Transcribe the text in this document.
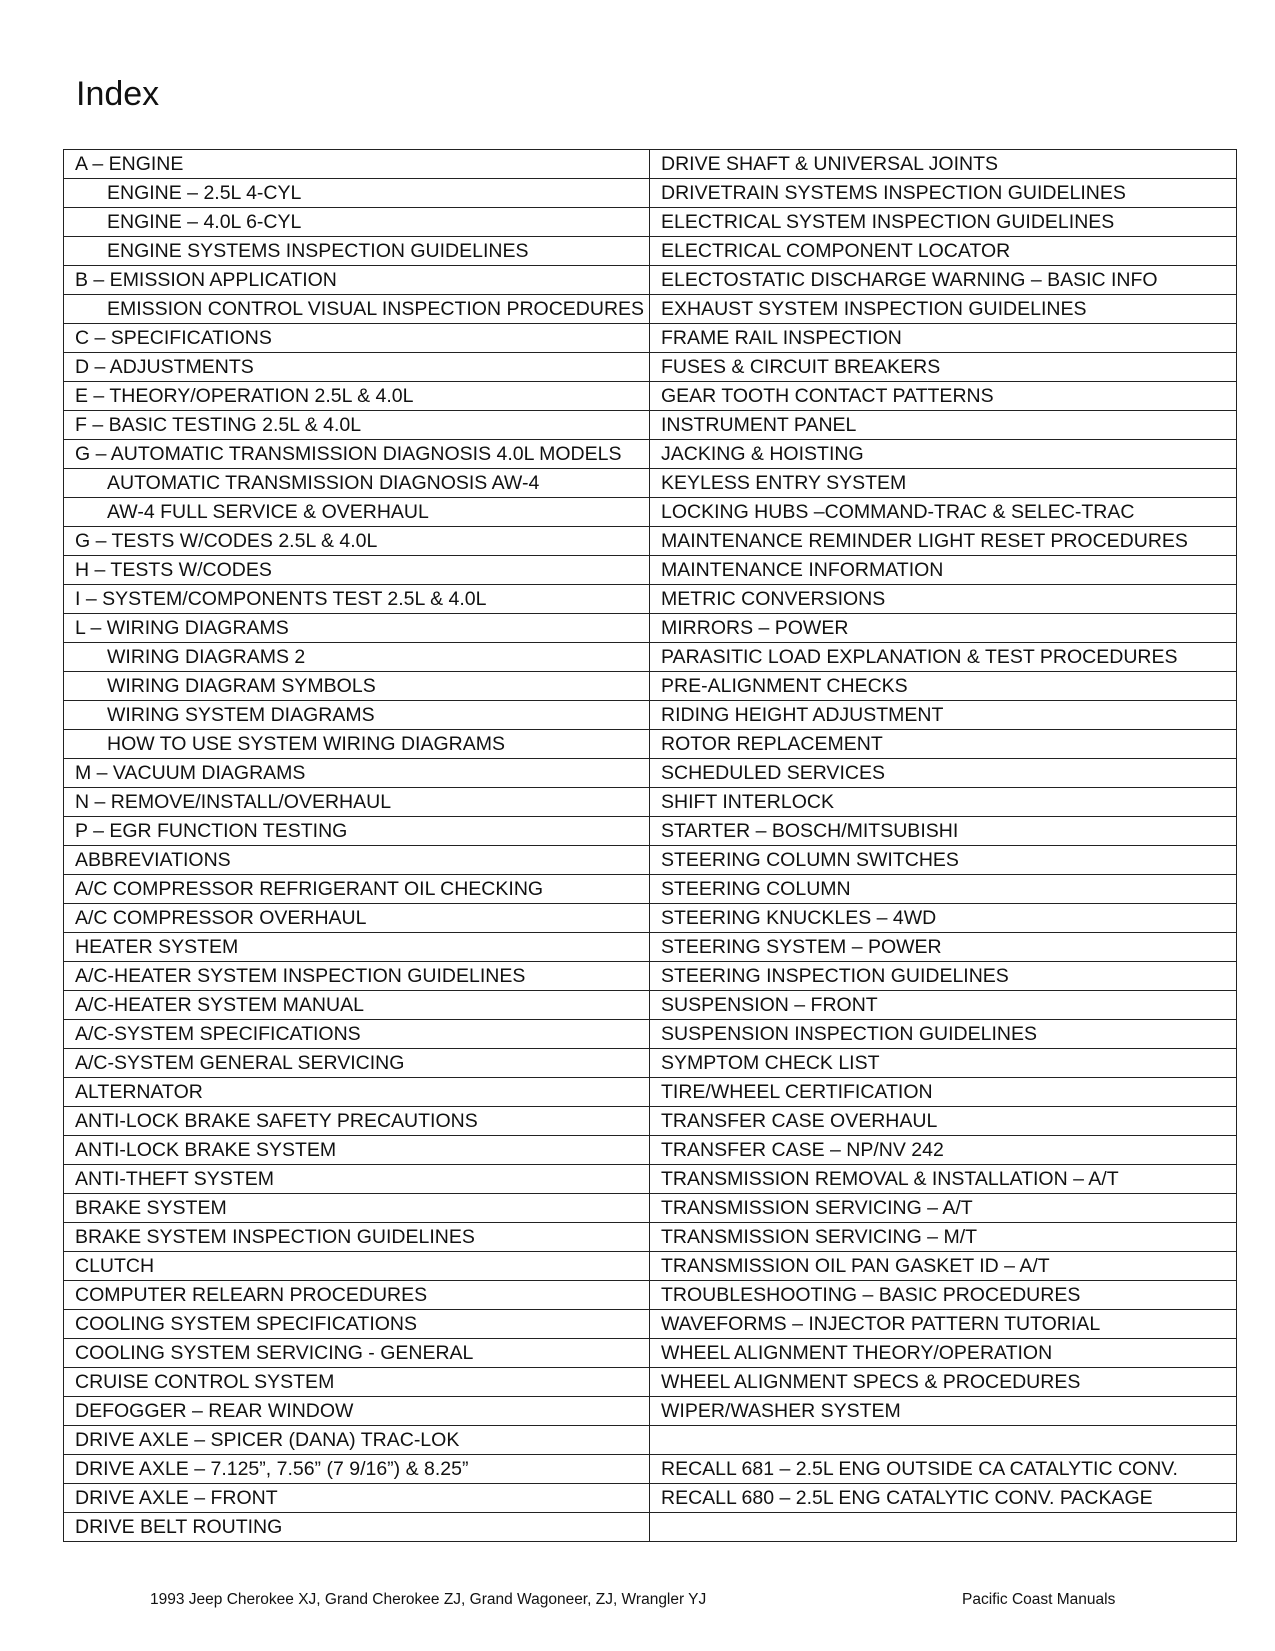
Index
A – ENGINE	DRIVE SHAFT & UNIVERSAL JOINTS
ENGINE – 2.5L 4-CYL	DRIVETRAIN SYSTEMS INSPECTION GUIDELINES
ENGINE – 4.0L 6-CYL	ELECTRICAL SYSTEM INSPECTION GUIDELINES
ENGINE SYSTEMS INSPECTION GUIDELINES	ELECTRICAL COMPONENT LOCATOR
B – EMISSION APPLICATION	ELECTOSTATIC DISCHARGE WARNING – BASIC INFO
EMISSION CONTROL VISUAL INSPECTION PROCEDURES	EXHAUST SYSTEM INSPECTION GUIDELINES
C – SPECIFICATIONS	FRAME RAIL INSPECTION
D – ADJUSTMENTS	FUSES & CIRCUIT BREAKERS
E – THEORY/OPERATION 2.5L & 4.0L	GEAR TOOTH CONTACT PATTERNS
F – BASIC TESTING 2.5L & 4.0L	INSTRUMENT PANEL
G – AUTOMATIC TRANSMISSION DIAGNOSIS 4.0L MODELS	JACKING & HOISTING
AUTOMATIC TRANSMISSION DIAGNOSIS AW-4	KEYLESS ENTRY SYSTEM
AW-4 FULL SERVICE & OVERHAUL	LOCKING HUBS –COMMAND-TRAC & SELEC-TRAC
G – TESTS W/CODES 2.5L & 4.0L	MAINTENANCE REMINDER LIGHT RESET PROCEDURES
H – TESTS W/CODES	MAINTENANCE INFORMATION
I – SYSTEM/COMPONENTS TEST 2.5L & 4.0L	METRIC CONVERSIONS
L – WIRING DIAGRAMS	MIRRORS – POWER
WIRING DIAGRAMS 2	PARASITIC LOAD EXPLANATION & TEST PROCEDURES
WIRING DIAGRAM SYMBOLS	PRE-ALIGNMENT CHECKS
WIRING SYSTEM DIAGRAMS	RIDING HEIGHT ADJUSTMENT
HOW TO USE SYSTEM WIRING DIAGRAMS	ROTOR REPLACEMENT
M – VACUUM DIAGRAMS	SCHEDULED SERVICES
N – REMOVE/INSTALL/OVERHAUL	SHIFT INTERLOCK
P – EGR FUNCTION TESTING	STARTER – BOSCH/MITSUBISHI
ABBREVIATIONS	STEERING COLUMN SWITCHES
A/C COMPRESSOR REFRIGERANT OIL CHECKING	STEERING COLUMN
A/C COMPRESSOR OVERHAUL	STEERING KNUCKLES – 4WD
HEATER SYSTEM	STEERING SYSTEM – POWER
A/C-HEATER SYSTEM INSPECTION GUIDELINES	STEERING INSPECTION GUIDELINES
A/C-HEATER SYSTEM MANUAL	SUSPENSION – FRONT
A/C-SYSTEM SPECIFICATIONS	SUSPENSION INSPECTION GUIDELINES
A/C-SYSTEM GENERAL SERVICING	SYMPTOM CHECK LIST
ALTERNATOR	TIRE/WHEEL CERTIFICATION
ANTI-LOCK BRAKE SAFETY PRECAUTIONS	TRANSFER CASE OVERHAUL
ANTI-LOCK BRAKE SYSTEM	TRANSFER CASE – NP/NV 242
ANTI-THEFT SYSTEM	TRANSMISSION REMOVAL & INSTALLATION – A/T
BRAKE SYSTEM	TRANSMISSION SERVICING – A/T
BRAKE SYSTEM INSPECTION GUIDELINES	TRANSMISSION SERVICING – M/T
CLUTCH	TRANSMISSION OIL PAN GASKET ID – A/T
COMPUTER RELEARN PROCEDURES	TROUBLESHOOTING – BASIC PROCEDURES
COOLING SYSTEM SPECIFICATIONS	WAVEFORMS – INJECTOR PATTERN TUTORIAL
COOLING SYSTEM SERVICING - GENERAL	WHEEL ALIGNMENT THEORY/OPERATION
CRUISE CONTROL SYSTEM	WHEEL ALIGNMENT SPECS & PROCEDURES
DEFOGGER – REAR WINDOW	WIPER/WASHER SYSTEM
DRIVE AXLE – SPICER (DANA) TRAC-LOK	
DRIVE AXLE – 7.125”, 7.56” (7 9/16”) & 8.25”	RECALL 681 – 2.5L ENG OUTSIDE CA CATALYTIC CONV.
DRIVE AXLE – FRONT	RECALL 680 – 2.5L ENG CATALYTIC CONV. PACKAGE
DRIVE BELT ROUTING	
1993 Jeep Cherokee XJ, Grand Cherokee ZJ, Grand Wagoneer, ZJ, Wrangler YJ	Pacific Coast Manuals
